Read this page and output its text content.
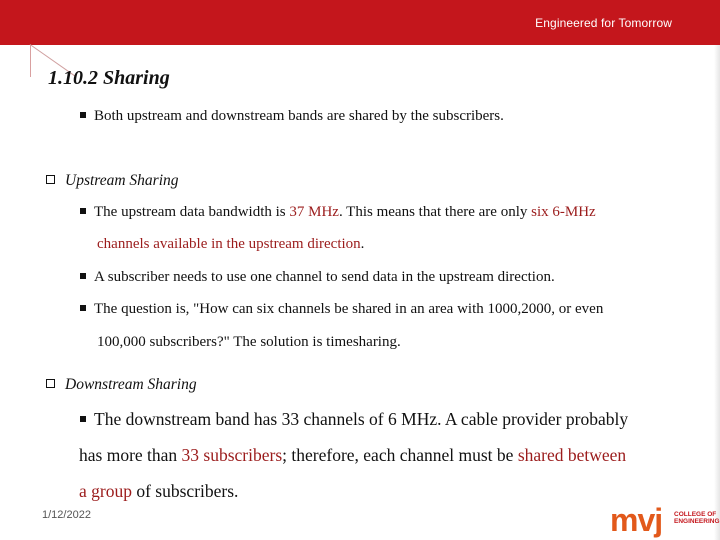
Engineered for Tomorrow
1.10.2 Sharing
Both upstream and downstream bands are shared by the subscribers.
Upstream Sharing
The upstream data bandwidth is 37 MHz. This means that there are only six 6-MHz
channels available in the upstream direction.
A subscriber needs to use one channel to send data in the upstream direction.
The question is, "How can six channels be shared in an area with 1000,2000, or even
100,000 subscribers?" The solution is timesharing.
Downstream Sharing
The downstream band has 33 channels of 6 MHz. A cable provider probably
has more than 33 subscribers; therefore, each channel must be shared between
a group of subscribers.
1/12/2022	mvj COLLEGE OF
ENGINEERING
